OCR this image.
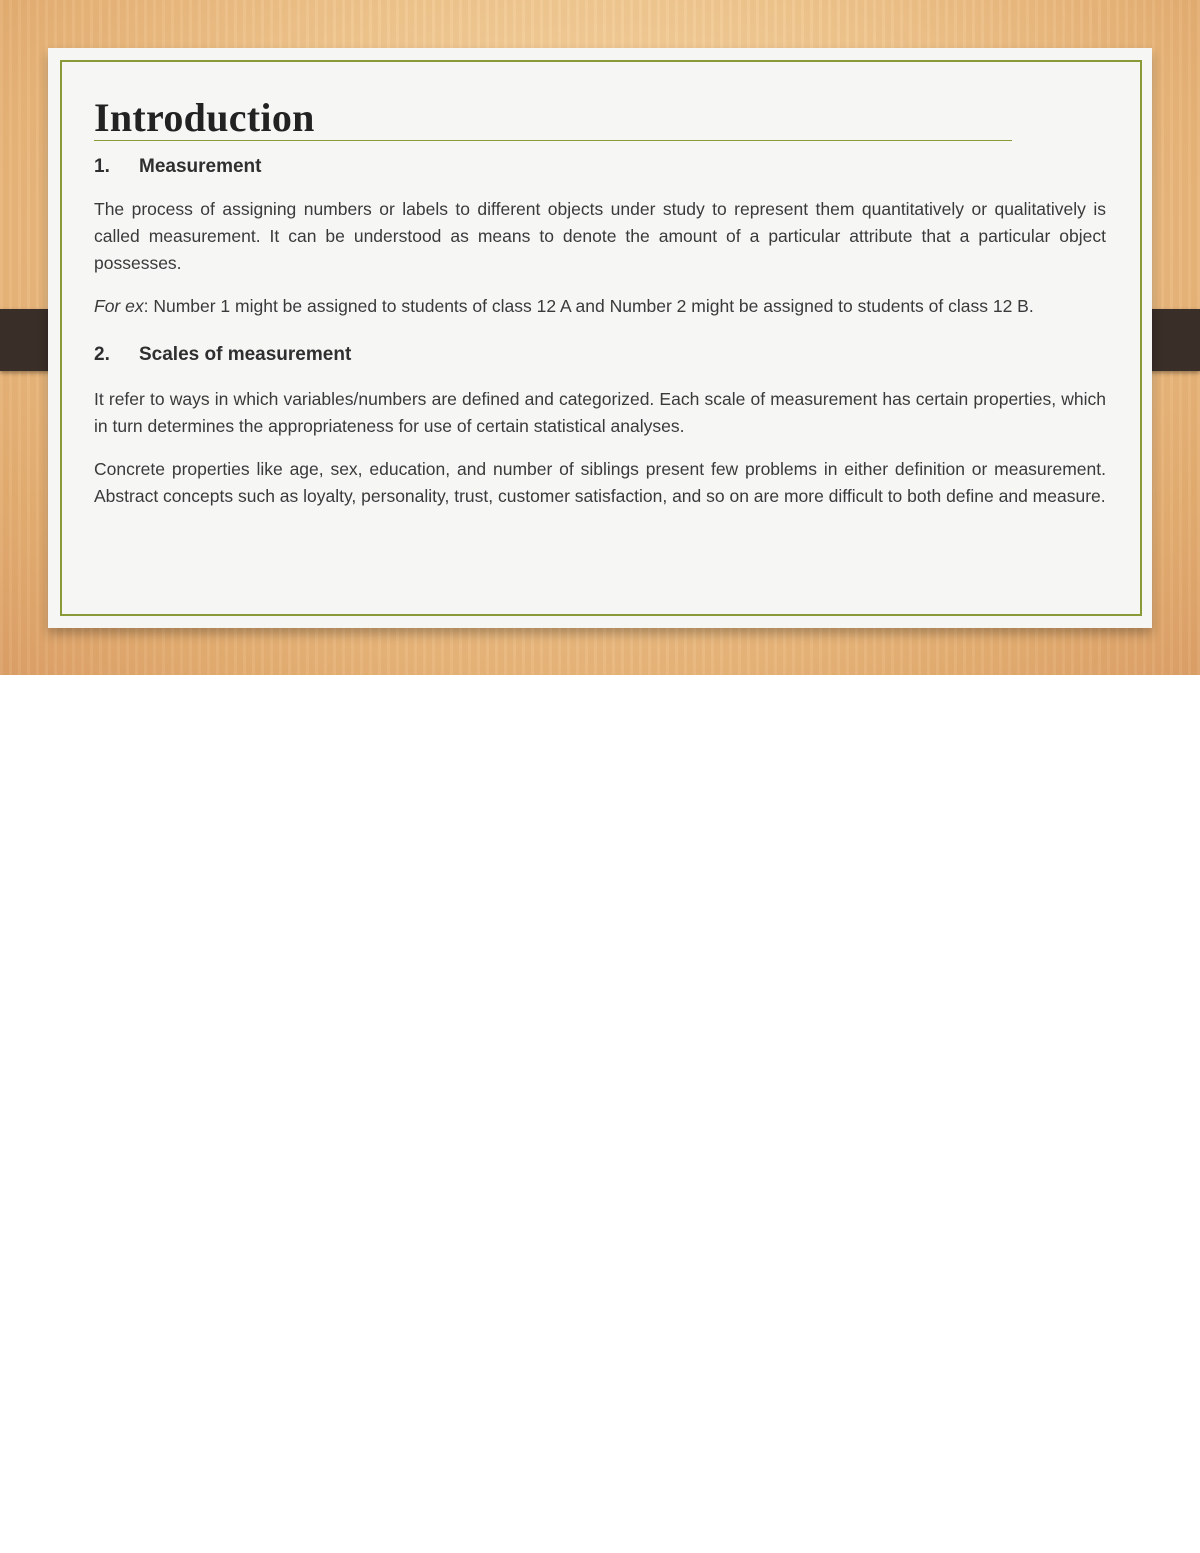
Introduction
1.	Measurement

The process of assigning numbers or labels to different objects under study to represent them quantitatively or qualitatively is called measurement. It can be understood as means to denote the amount of a particular attribute that a particular object possesses.

For ex: Number 1 might be assigned to students of class 12 A and Number 2 might be assigned to students of class 12 B.

2.	Scales of measurement

It refer to ways in which variables/numbers are defined and categorized. Each scale of measurement has certain properties, which in turn determines the appropriateness for use of certain statistical analyses.

Concrete properties like age, sex, education, and number of siblings present few problems in either definition or measurement. Abstract concepts such as loyalty, personality, trust, customer satisfaction, and so on are more difficult to both define and measure.
